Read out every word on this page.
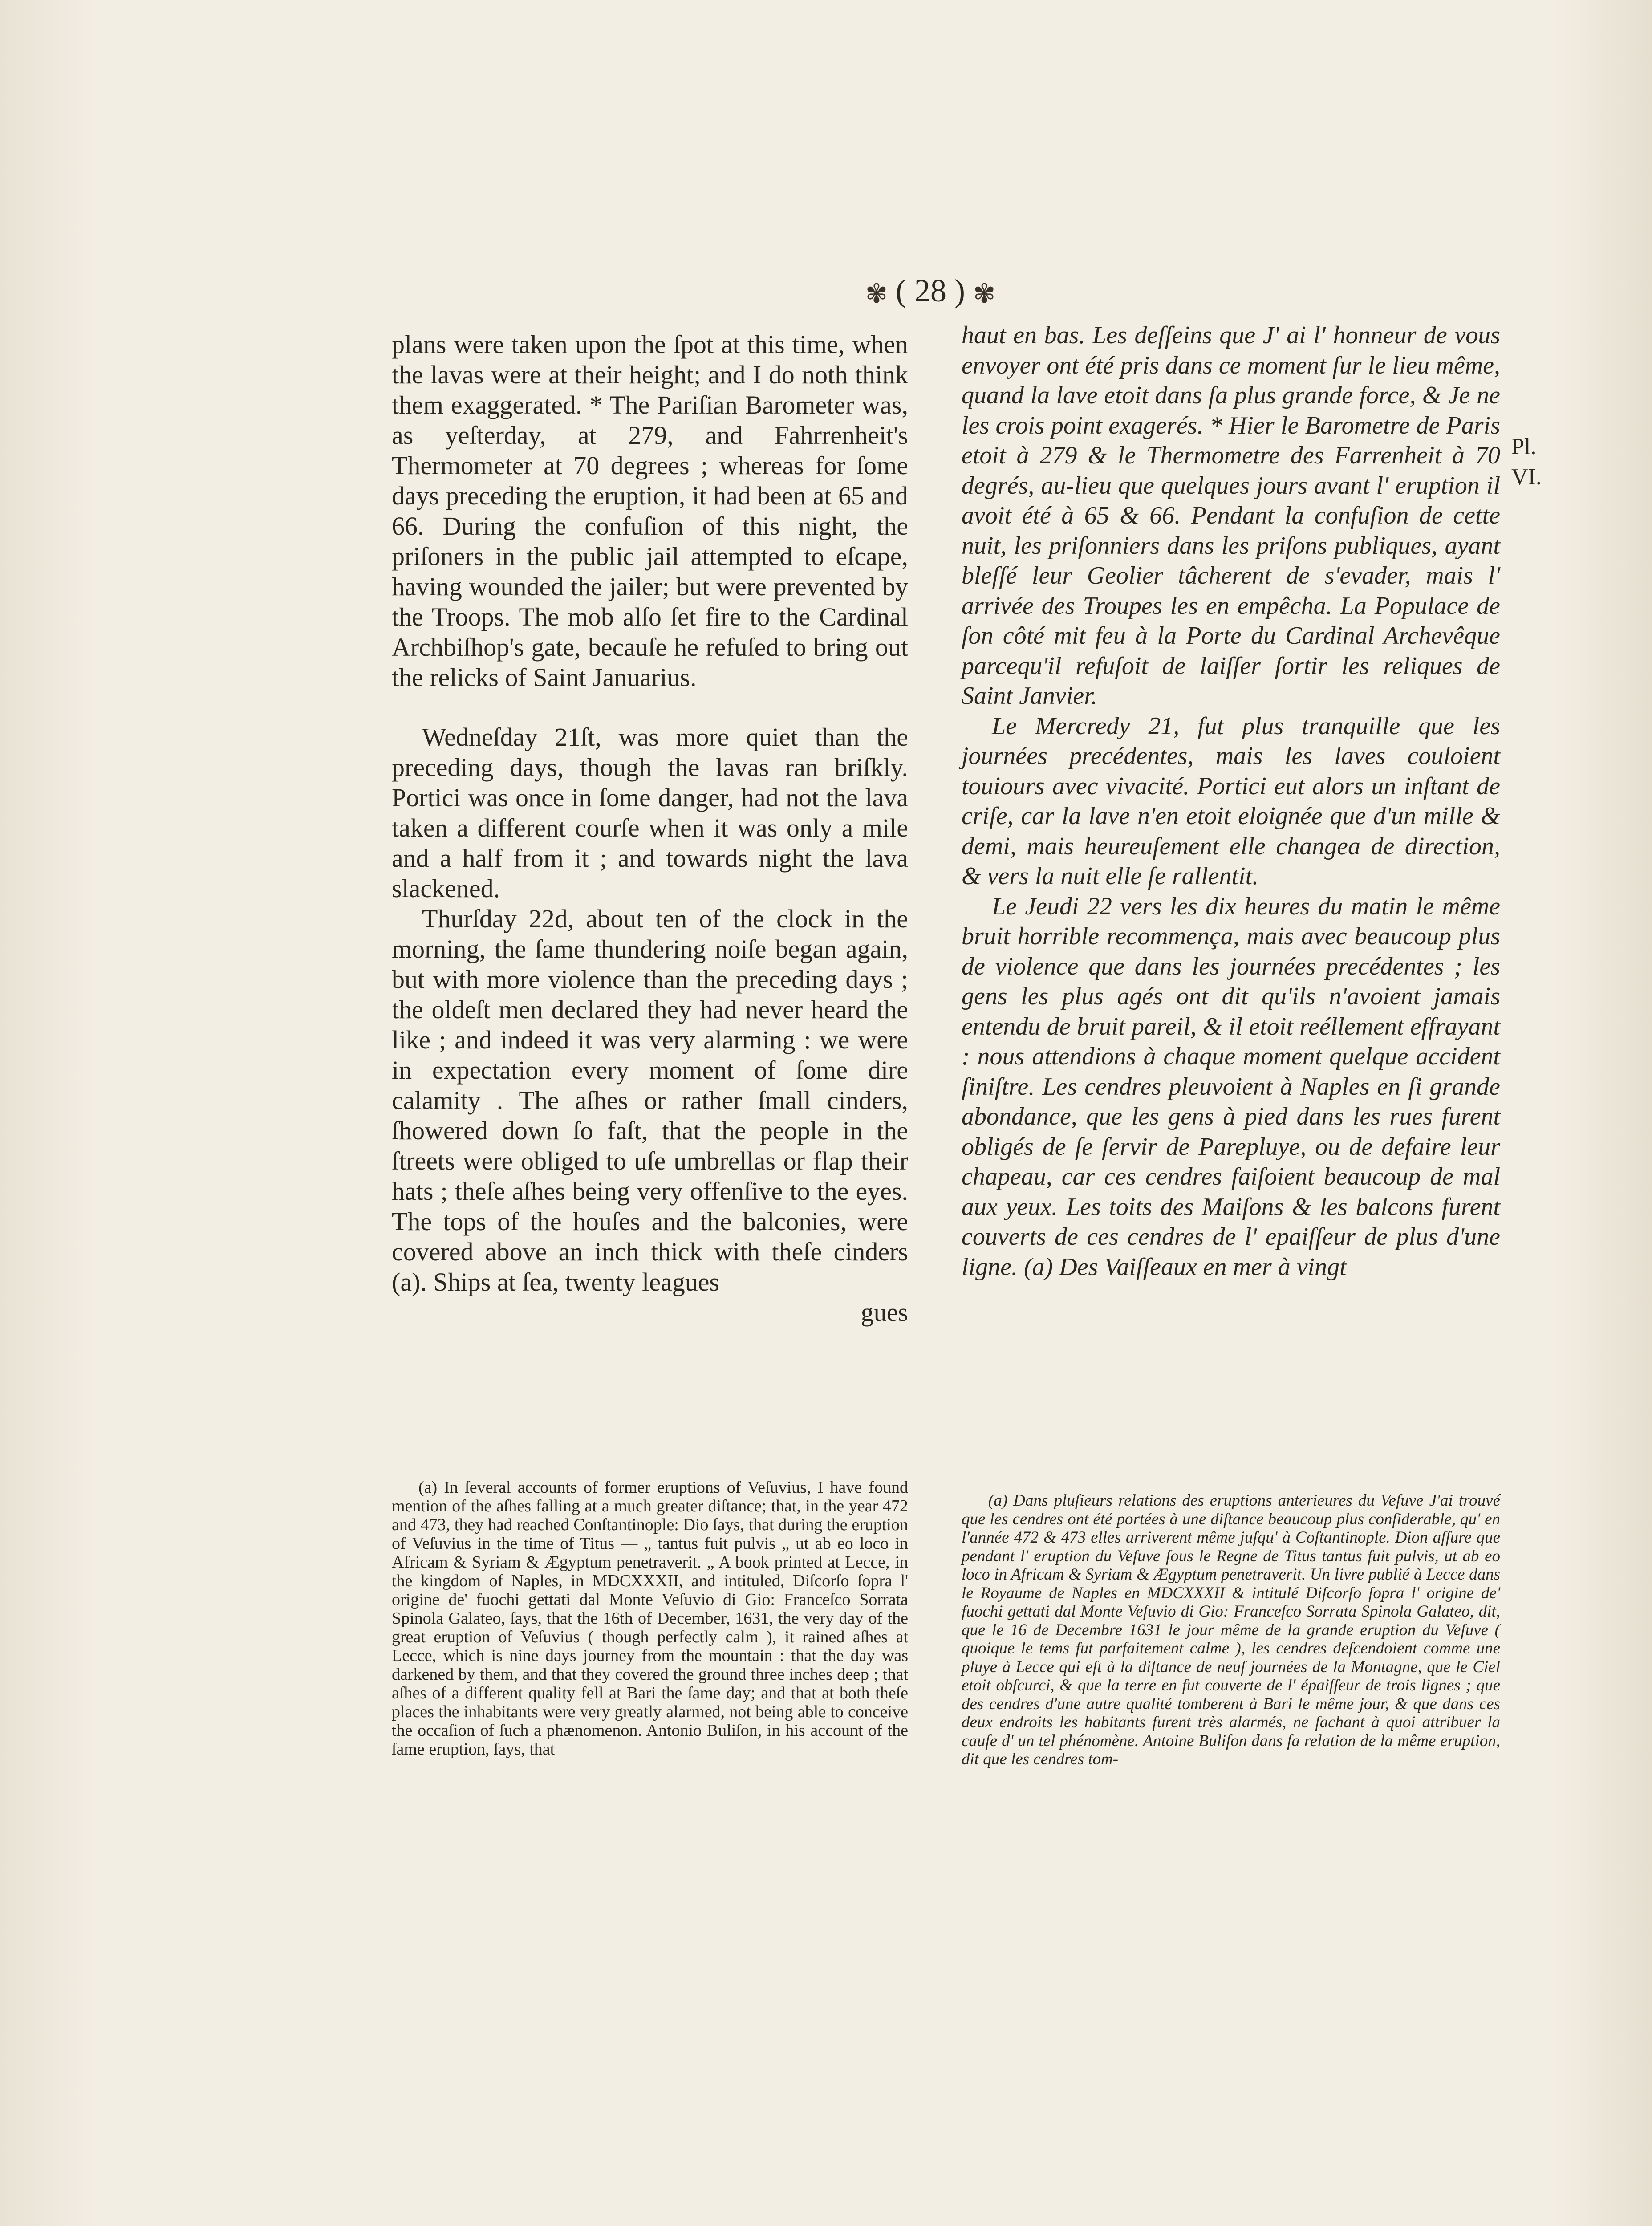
✾ ( 28 ) ✾

plans were taken upon the ſpot at this time, when the lavas were at their height; and I do noth think them exaggerated. * The Pariſian Barometer was, as yeſterday, at 279, and Fahrrenheit's Thermometer at 70 degrees ; whereas for ſome days preceding the eruption, it had been at 65 and 66. During the confuſion of this night, the priſoners in the public jail attempted to eſcape, having wounded the jailer; but were prevented by the Troops. The mob alſo ſet fire to the Cardinal Archbiſhop's gate, becauſe he refuſed to bring out the relicks of Saint Januarius.

Wedneſday 21ſt, was more quiet than the preceding days, though the lavas ran briſkly. Portici was once in ſome danger, had not the lava taken a different courſe when it was only a mile and a half from it ; and towards night the lava slackened.

Thurſday 22d, about ten of the clock in the morning, the ſame thundering noiſe began again, but with more violence than the preceding days ; the oldeſt men declared they had never heard the like ; and indeed it was very alarming : we were in expectation every moment of ſome dire calamity . The aſhes or rather ſmall cinders, ſhowered down ſo faſt, that the people in the ſtreets were obliged to uſe umbrellas or flap their hats ; theſe aſhes being very offenſive to the eyes. The tops of the houſes and the balconies, were covered above an inch thick with theſe cinders (a). Ships at ſea, twenty leagues

gues

haut en bas. Les deſſeins que J' ai l' honneur de vous envoyer ont été pris dans ce moment ſur le lieu même, quand la lave etoit dans ſa plus grande force, & Je ne les crois point exagerés. * Hier le Barometre de Paris etoit à 279 & le Thermometre des Farrenheit à 70 degrés, au-lieu que quelques jours avant l' eruption il avoit été à 65 & 66. Pendant la confuſion de cette nuit, les priſonniers dans les priſons publiques, ayant bleſſé leur Geolier tâcherent de s'evader, mais l' arrivée des Troupes les en empêcha. La Populace de ſon côté mit feu à la Porte du Cardinal Archevêque parcequ'il refuſoit de laiſſer ſortir les reliques de Saint Janvier.

Le Mercredy 21, fut plus tranquille que les journées precédentes, mais les laves couloient touiours avec vivacité. Portici eut alors un inſtant de criſe, car la lave n'en etoit eloignée que d'un mille & demi, mais heureuſement elle changea de direction, & vers la nuit elle ſe rallentit.

Le Jeudi 22 vers les dix heures du matin le même bruit horrible recommença, mais avec beaucoup plus de violence que dans les journées precédentes ; les gens les plus agés ont dit qu'ils n'avoient jamais entendu de bruit pareil, & il etoit reéllement effrayant : nous attendions à chaque moment quelque accident ſiniſtre. Les cendres pleuvoient à Naples en ſi grande abondance, que les gens à pied dans les rues furent obligés de ſe ſervir de Parepluye, ou de defaire leur chapeau, car ces cendres faiſoient beaucoup de mal aux yeux. Les toits des Maiſons & les balcons furent couverts de ces cendres de l' epaiſſeur de plus d'une ligne. (a) Des Vaiſſeaux en mer à vingt

Pl.
VI.

(a) In ſeveral accounts of former eruptions of Veſuvius, I have found mention of the aſhes falling at a much greater diſtance; that, in the year 472 and 473, they had reached Conſtantinople: Dio ſays, that during the eruption of Veſuvius in the time of Titus — „ tantus fuit pulvis „ ut ab eo loco in Africam & Syriam & Ægyptum penetraverit. „ A book printed at Lecce, in the kingdom of Naples, in MDCXXXII, and intituled, Diſcorſo ſopra l' origine de' fuochi gettati dal Monte Veſuvio di Gio: Franceſco Sorrata Spinola Galateo, ſays, that the 16th of December, 1631, the very day of the great eruption of Veſuvius ( though perfectly calm ), it rained aſhes at Lecce, which is nine days journey from the mountain : that the day was darkened by them, and that they covered the ground three inches deep ; that aſhes of a different quality fell at Bari the ſame day; and that at both theſe places the inhabitants were very greatly alarmed, not being able to conceive the occaſion of ſuch a phænomenon. Antonio Buliſon, in his account of the ſame eruption, ſays, that

(a) Dans pluſieurs relations des eruptions anterieures du Veſuve J'ai trouvé que les cendres ont été portées à une diſtance beaucoup plus conſiderable, qu' en l'année 472 & 473 elles arriverent même juſqu' à Coſtantinople. Dion aſſure que pendant l' eruption du Veſuve ſous le Regne de Titus tantus fuit pulvis, ut ab eo loco in Africam & Syriam & Ægyptum penetraverit. Un livre publié à Lecce dans le Royaume de Naples en MDCXXXII & intitulé Diſcorſo ſopra l' origine de' fuochi gettati dal Monte Veſuvio di Gio: Franceſco Sorrata Spinola Galateo, dit, que le 16 de Decembre 1631 le jour même de la grande eruption du Veſuve ( quoique le tems fut parfaitement calme ), les cendres deſcendoient comme une pluye à Lecce qui eſt à la diſtance de neuf journées de la Montagne, que le Ciel etoit obſcurci, & que la terre en fut couverte de l' épaiſſeur de trois lignes ; que des cendres d'une autre qualité tomberent à Bari le même jour, & que dans ces deux endroits les habitants furent très alarmés, ne ſachant à quoi attribuer la cauſe d' un tel phénomène. Antoine Buliſon dans ſa relation de la même eruption, dit que les cendres tom-
